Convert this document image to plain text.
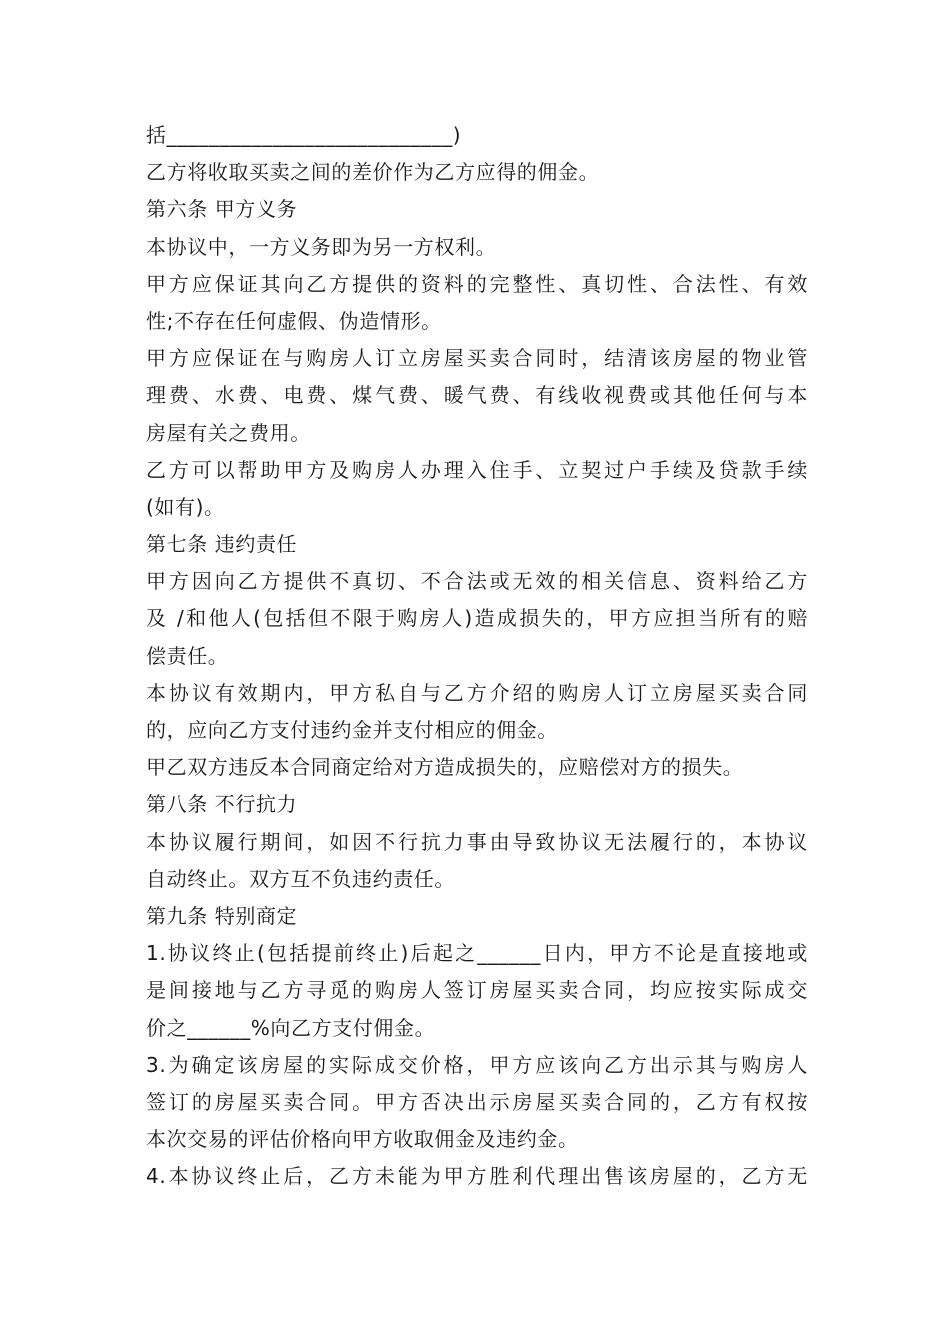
括___________________________)
乙方将收取买卖之间的差价作为乙方应得的佣金。
第六条 甲方义务
本协议中，一方义务即为另一方权利。
甲方应保证其向乙方提供的资料的完整性、真切性、合法性、有效
性;不存在任何虚假、伪造情形。
甲方应保证在与购房人订立房屋买卖合同时，结清该房屋的物业管
理费、水费、电费、煤气费、暖气费、有线收视费或其他任何与本
房屋有关之费用。
乙方可以帮助甲方及购房人办理入住手、立契过户手续及贷款手续
(如有)。
第七条 违约责任
甲方因向乙方提供不真切、不合法或无效的相关信息、资料给乙方
及 /和他人(包括但不限于购房人)造成损失的，甲方应担当所有的赔
偿责任。
本协议有效期内，甲方私自与乙方介绍的购房人订立房屋买卖合同
的，应向乙方支付违约金并支付相应的佣金。
甲乙双方违反本合同商定给对方造成损失的，应赔偿对方的损失。
第八条 不行抗力
本协议履行期间，如因不行抗力事由导致协议无法履行的，本协议
自动终止。双方互不负违约责任。
第九条 特别商定
1.协议终止(包括提前终止)后起之______日内，甲方不论是直接地或
是间接地与乙方寻觅的购房人签订房屋买卖合同，均应按实际成交
价之______%向乙方支付佣金。
3.为确定该房屋的实际成交价格，甲方应该向乙方出示其与购房人
签订的房屋买卖合同。甲方否决出示房屋买卖合同的，乙方有权按
本次交易的评估价格向甲方收取佣金及违约金。
4.本协议终止后，乙方未能为甲方胜利代理出售该房屋的，乙方无
